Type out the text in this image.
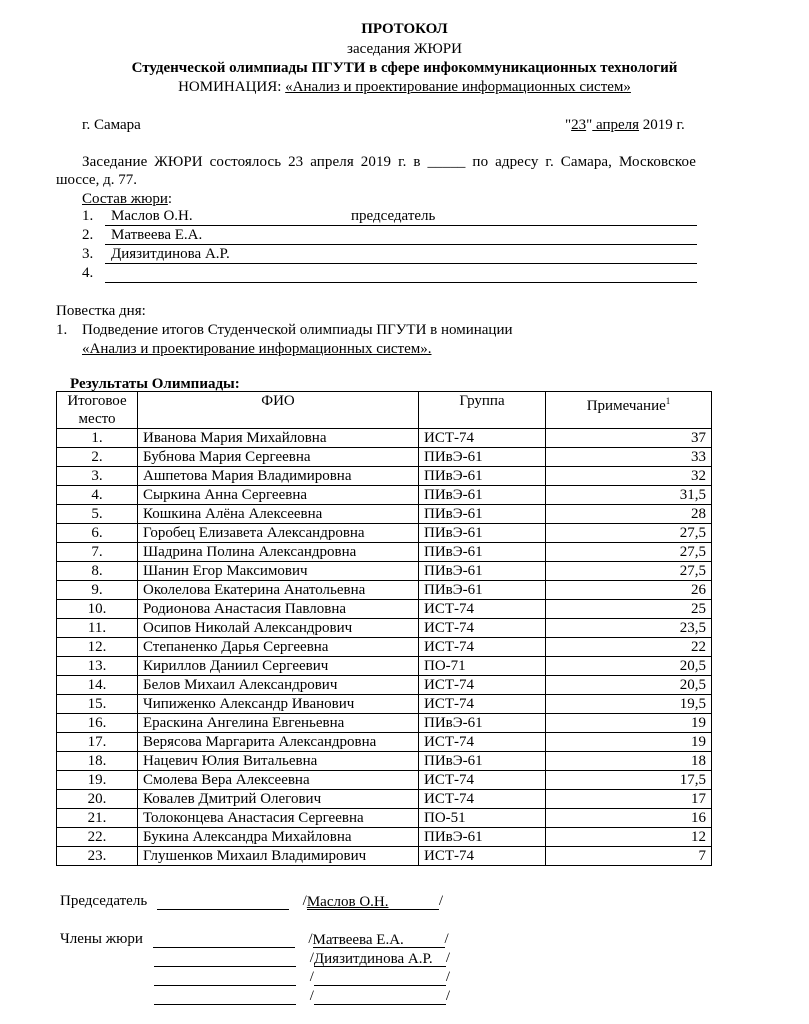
ПРОТОКОЛ
заседания ЖЮРИ
Студенческой олимпиады ПГУТИ в сфере инфокоммуникационных технологий
НОМИНАЦИЯ: «Анализ и проектирование информационных систем»
г. Самара	"23" апреля 2019 г.
Заседание ЖЮРИ состоялось 23 апреля 2019 г. в _____ по адресу г. Самара, Московское
шоссе, д. 77.
Состав жюри:
1. Маслов О.Н.	председатель
2. Матвеева Е.А.
3. Диязитдинова А.Р.
4.
Повестка дня:
1. Подведение итогов Студенческой олимпиады ПГУТИ в номинации
«Анализ и проектирование информационных систем».
Результаты Олимпиады:
Итоговое
место	ФИО	Группа	Примечание$^1$
1.	Иванова Мария Михайловна	ИСТ-74	37
2.	Бубнова Мария Сергеевна	ПИвЭ-61	33
3.	Ашпетова Мария Владимировна	ПИвЭ-61	32
4.	Сыркина Анна Сергеевна	ПИвЭ-61	31,5
5.	Кошкина Алёна Алексеевна	ПИвЭ-61	28
6.	Горобец Елизавета Александровна	ПИвЭ-61	27,5
7.	Шадрина Полина Александровна	ПИвЭ-61	27,5
8.	Шанин Егор Максимович	ПИвЭ-61	27,5
9.	Околелова Екатерина Анатольевна	ПИвЭ-61	26
10.	Родионова Анастасия Павловна	ИСТ-74	25
11.	Осипов Николай Александрович	ИСТ-74	23,5
12.	Степаненко Дарья Сергеевна	ИСТ-74	22
13.	Кириллов Даниил Сергеевич	ПО-71	20,5
14.	Белов Михаил Александрович	ИСТ-74	20,5
15.	Чипиженко Александр Иванович	ИСТ-74	19,5
16.	Ераскина Ангелина Евгеньевна	ПИвЭ-61	19
17.	Верясова Маргарита Александровна	ИСТ-74	19
18.	Нацевич Юлия Витальевна	ПИвЭ-61	18
19.	Смолева Вера Алексеевна	ИСТ-74	17,5
20.	Ковалев Дмитрий Олегович	ИСТ-74	17
21.	Толоконцева Анастасия Сергеевна	ПО-51	16
22.	Букина Александра Михайловна	ПИвЭ-61	12
23.	Глушенков Михаил Владимирович	ИСТ-74	7
Председатель	/Маслов О.Н.	/
Члены жюри	/Матвеева Е.А.	/
/Диязитдинова А.Р. /
/	/
/	/
